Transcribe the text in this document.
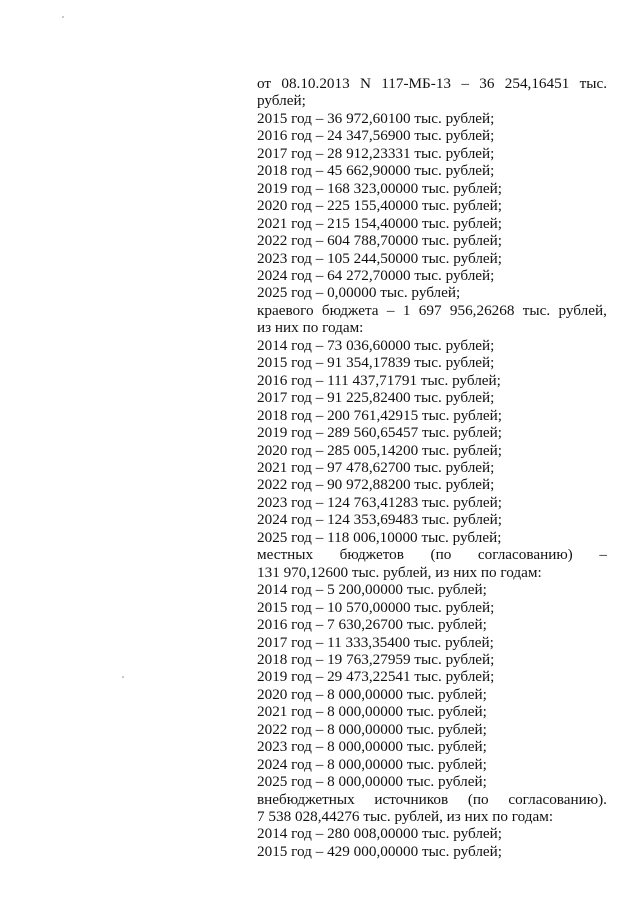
от 08.10.2013 N 117-МБ-13 – 36 254,16451 тыс.
рублей;
2015 год – 36 972,60100 тыс. рублей;
2016 год – 24 347,56900 тыс. рублей;
2017 год – 28 912,23331 тыс. рублей;
2018 год – 45 662,90000 тыс. рублей;
2019 год – 168 323,00000 тыс. рублей;
2020 год – 225 155,40000 тыс. рублей;
2021 год – 215 154,40000 тыс. рублей;
2022 год – 604 788,70000 тыс. рублей;
2023 год – 105 244,50000 тыс. рублей;
2024 год – 64 272,70000 тыс. рублей;
2025 год – 0,00000 тыс. рублей;
краевого бюджета – 1 697 956,26268 тыс. рублей,
из них по годам:
2014 год – 73 036,60000 тыс. рублей;
2015 год – 91 354,17839 тыс. рублей;
2016 год – 111 437,71791 тыс. рублей;
2017 год – 91 225,82400 тыс. рублей;
2018 год – 200 761,42915 тыс. рублей;
2019 год – 289 560,65457 тыс. рублей;
2020 год – 285 005,14200 тыс. рублей;
2021 год – 97 478,62700 тыс. рублей;
2022 год – 90 972,88200 тыс. рублей;
2023 год – 124 763,41283 тыс. рублей;
2024 год – 124 353,69483 тыс. рублей;
2025 год – 118 006,10000 тыс. рублей;
местных бюджетов (по согласованию) –
131 970,12600 тыс. рублей, из них по годам:
2014 год – 5 200,00000 тыс. рублей;
2015 год – 10 570,00000 тыс. рублей;
2016 год – 7 630,26700 тыс. рублей;
2017 год – 11 333,35400 тыс. рублей;
2018 год – 19 763,27959 тыс. рублей;
2019 год – 29 473,22541 тыс. рублей;
2020 год – 8 000,00000 тыс. рублей;
2021 год – 8 000,00000 тыс. рублей;
2022 год – 8 000,00000 тыс. рублей;
2023 год – 8 000,00000 тыс. рублей;
2024 год – 8 000,00000 тыс. рублей;
2025 год – 8 000,00000 тыс. рублей;
внебюджетных источников (по согласованию).
7 538 028,44276 тыс. рублей, из них по годам:
2014 год – 280 008,00000 тыс. рублей;
2015 год – 429 000,00000 тыс. рублей;
